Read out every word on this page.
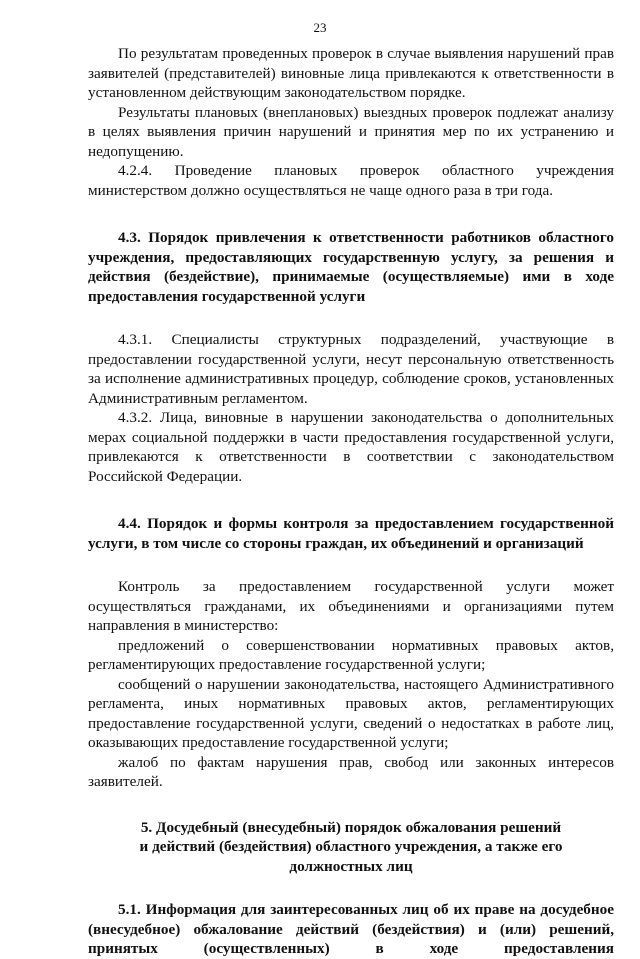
23

По результатам проведенных проверок в случае выявления нарушений прав заявителей (представителей) виновные лица привлекаются к ответственности в установленном действующим законодательством порядке.

Результаты плановых (внеплановых) выездных проверок подлежат анализу в целях выявления причин нарушений и принятия мер по их устранению и недопущению.

4.2.4. Проведение плановых проверок областного учреждения министерством должно осуществляться не чаще одного раза в три года.

4.3. Порядок привлечения к ответственности работников областного учреждения, предоставляющих государственную услугу, за решения и действия (бездействие), принимаемые (осуществляемые) ими в ходе предоставления государственной услуги

4.3.1. Специалисты структурных подразделений, участвующие в предоставлении государственной услуги, несут персональную ответственность за исполнение административных процедур, соблюдение сроков, установленных Административным регламентом.

4.3.2. Лица, виновные в нарушении законодательства о дополнительных мерах социальной поддержки в части предоставления государственной услуги, привлекаются к ответственности в соответствии с законодательством Российской Федерации.

4.4. Порядок и формы контроля за предоставлением государственной услуги, в том числе со стороны граждан, их объединений и организаций

Контроль за предоставлением государственной услуги может осуществляться гражданами, их объединениями и организациями путем направления в министерство:

предложений о совершенствовании нормативных правовых актов, регламентирующих предоставление государственной услуги;

сообщений о нарушении законодательства, настоящего Административного регламента, иных нормативных правовых актов, регламентирующих предоставление государственной услуги, сведений о недостатках в работе лиц, оказывающих предоставление государственной услуги;

жалоб по фактам нарушения прав, свобод или законных интересов заявителей.

5. Досудебный (внесудебный) порядок обжалования решений
и действий (бездействия) областного учреждения, а также его
должностных лиц

5.1. Информация для заинтересованных лиц об их праве на досудебное (внесудебное) обжалование действий (бездействия) и (или) решений, принятых (осуществленных) в ходе предоставления
